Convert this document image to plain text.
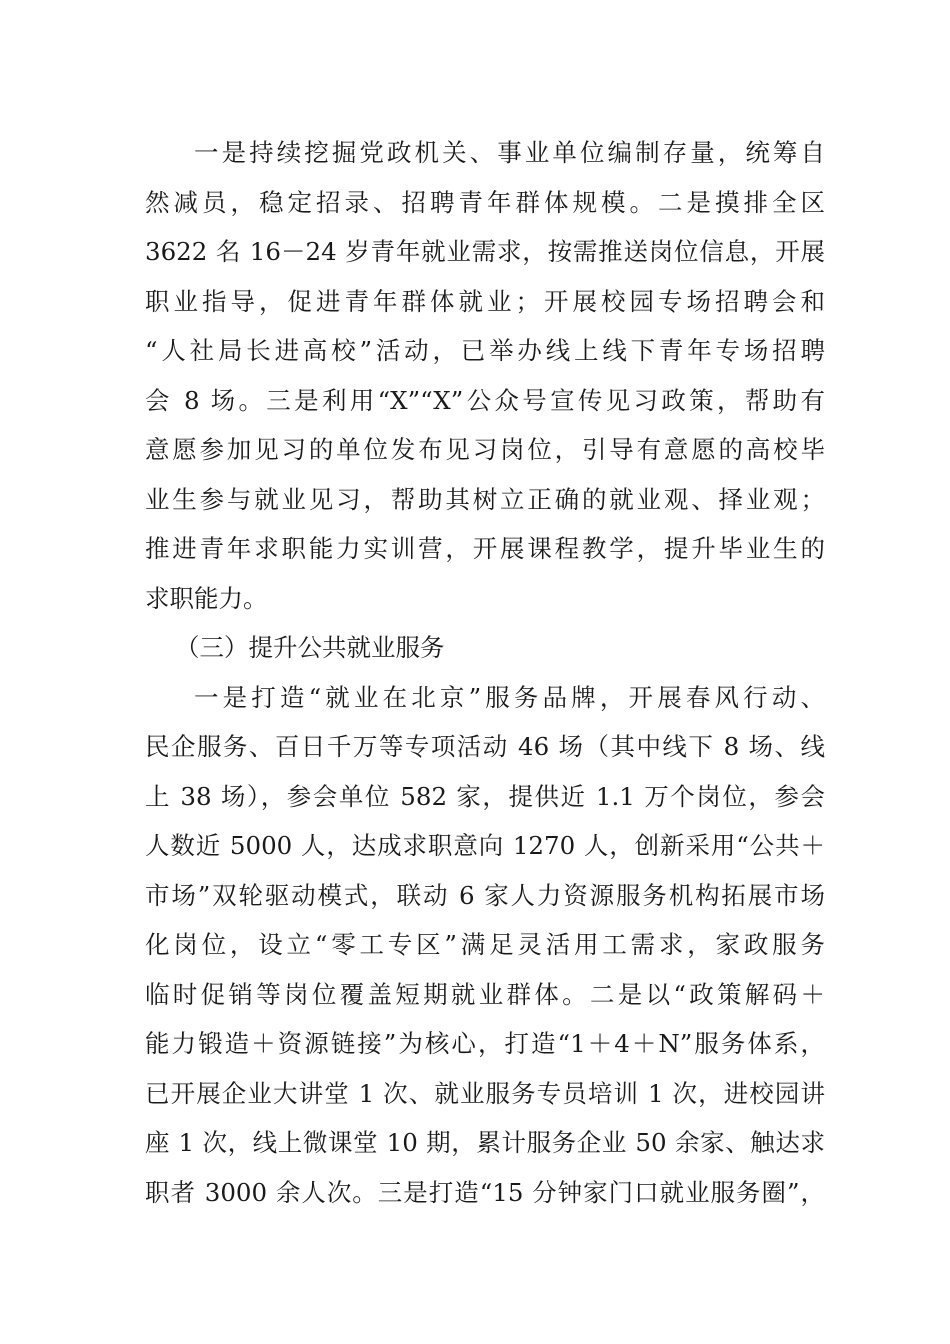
一是持续挖掘党政机关、事业单位编制存量，统筹自
然减员，稳定招录、招聘青年群体规模。二是摸排全区
3622 名 16－24 岁青年就业需求，按需推送岗位信息，开展
职业指导，促进青年群体就业；开展校园专场招聘会和
“人社局长进高校”活动，已举办线上线下青年专场招聘
会 8 场。三是利用“X”“X”公众号宣传见习政策，帮助有
意愿参加见习的单位发布见习岗位，引导有意愿的高校毕
业生参与就业见习，帮助其树立正确的就业观、择业观；
推进青年求职能力实训营，开展课程教学，提升毕业生的
求职能力。
（三）提升公共就业服务
一是打造“就业在北京”服务品牌，开展春风行动、
民企服务、百日千万等专项活动 46 场（其中线下 8 场、线
上 38 场），参会单位 582 家，提供近 1.1 万个岗位，参会
人数近 5000 人，达成求职意向 1270 人，创新采用“公共＋
市场”双轮驱动模式，联动 6 家人力资源服务机构拓展市场
化岗位，设立“零工专区”满足灵活用工需求，家政服务
临时促销等岗位覆盖短期就业群体。二是以“政策解码＋
能力锻造＋资源链接”为核心，打造“1＋4＋N”服务体系，
已开展企业大讲堂 1 次、就业服务专员培训 1 次，进校园讲
座 1 次，线上微课堂 10 期，累计服务企业 50 余家、触达求
职者 3000 余人次。三是打造“15 分钟家门口就业服务圈”，
